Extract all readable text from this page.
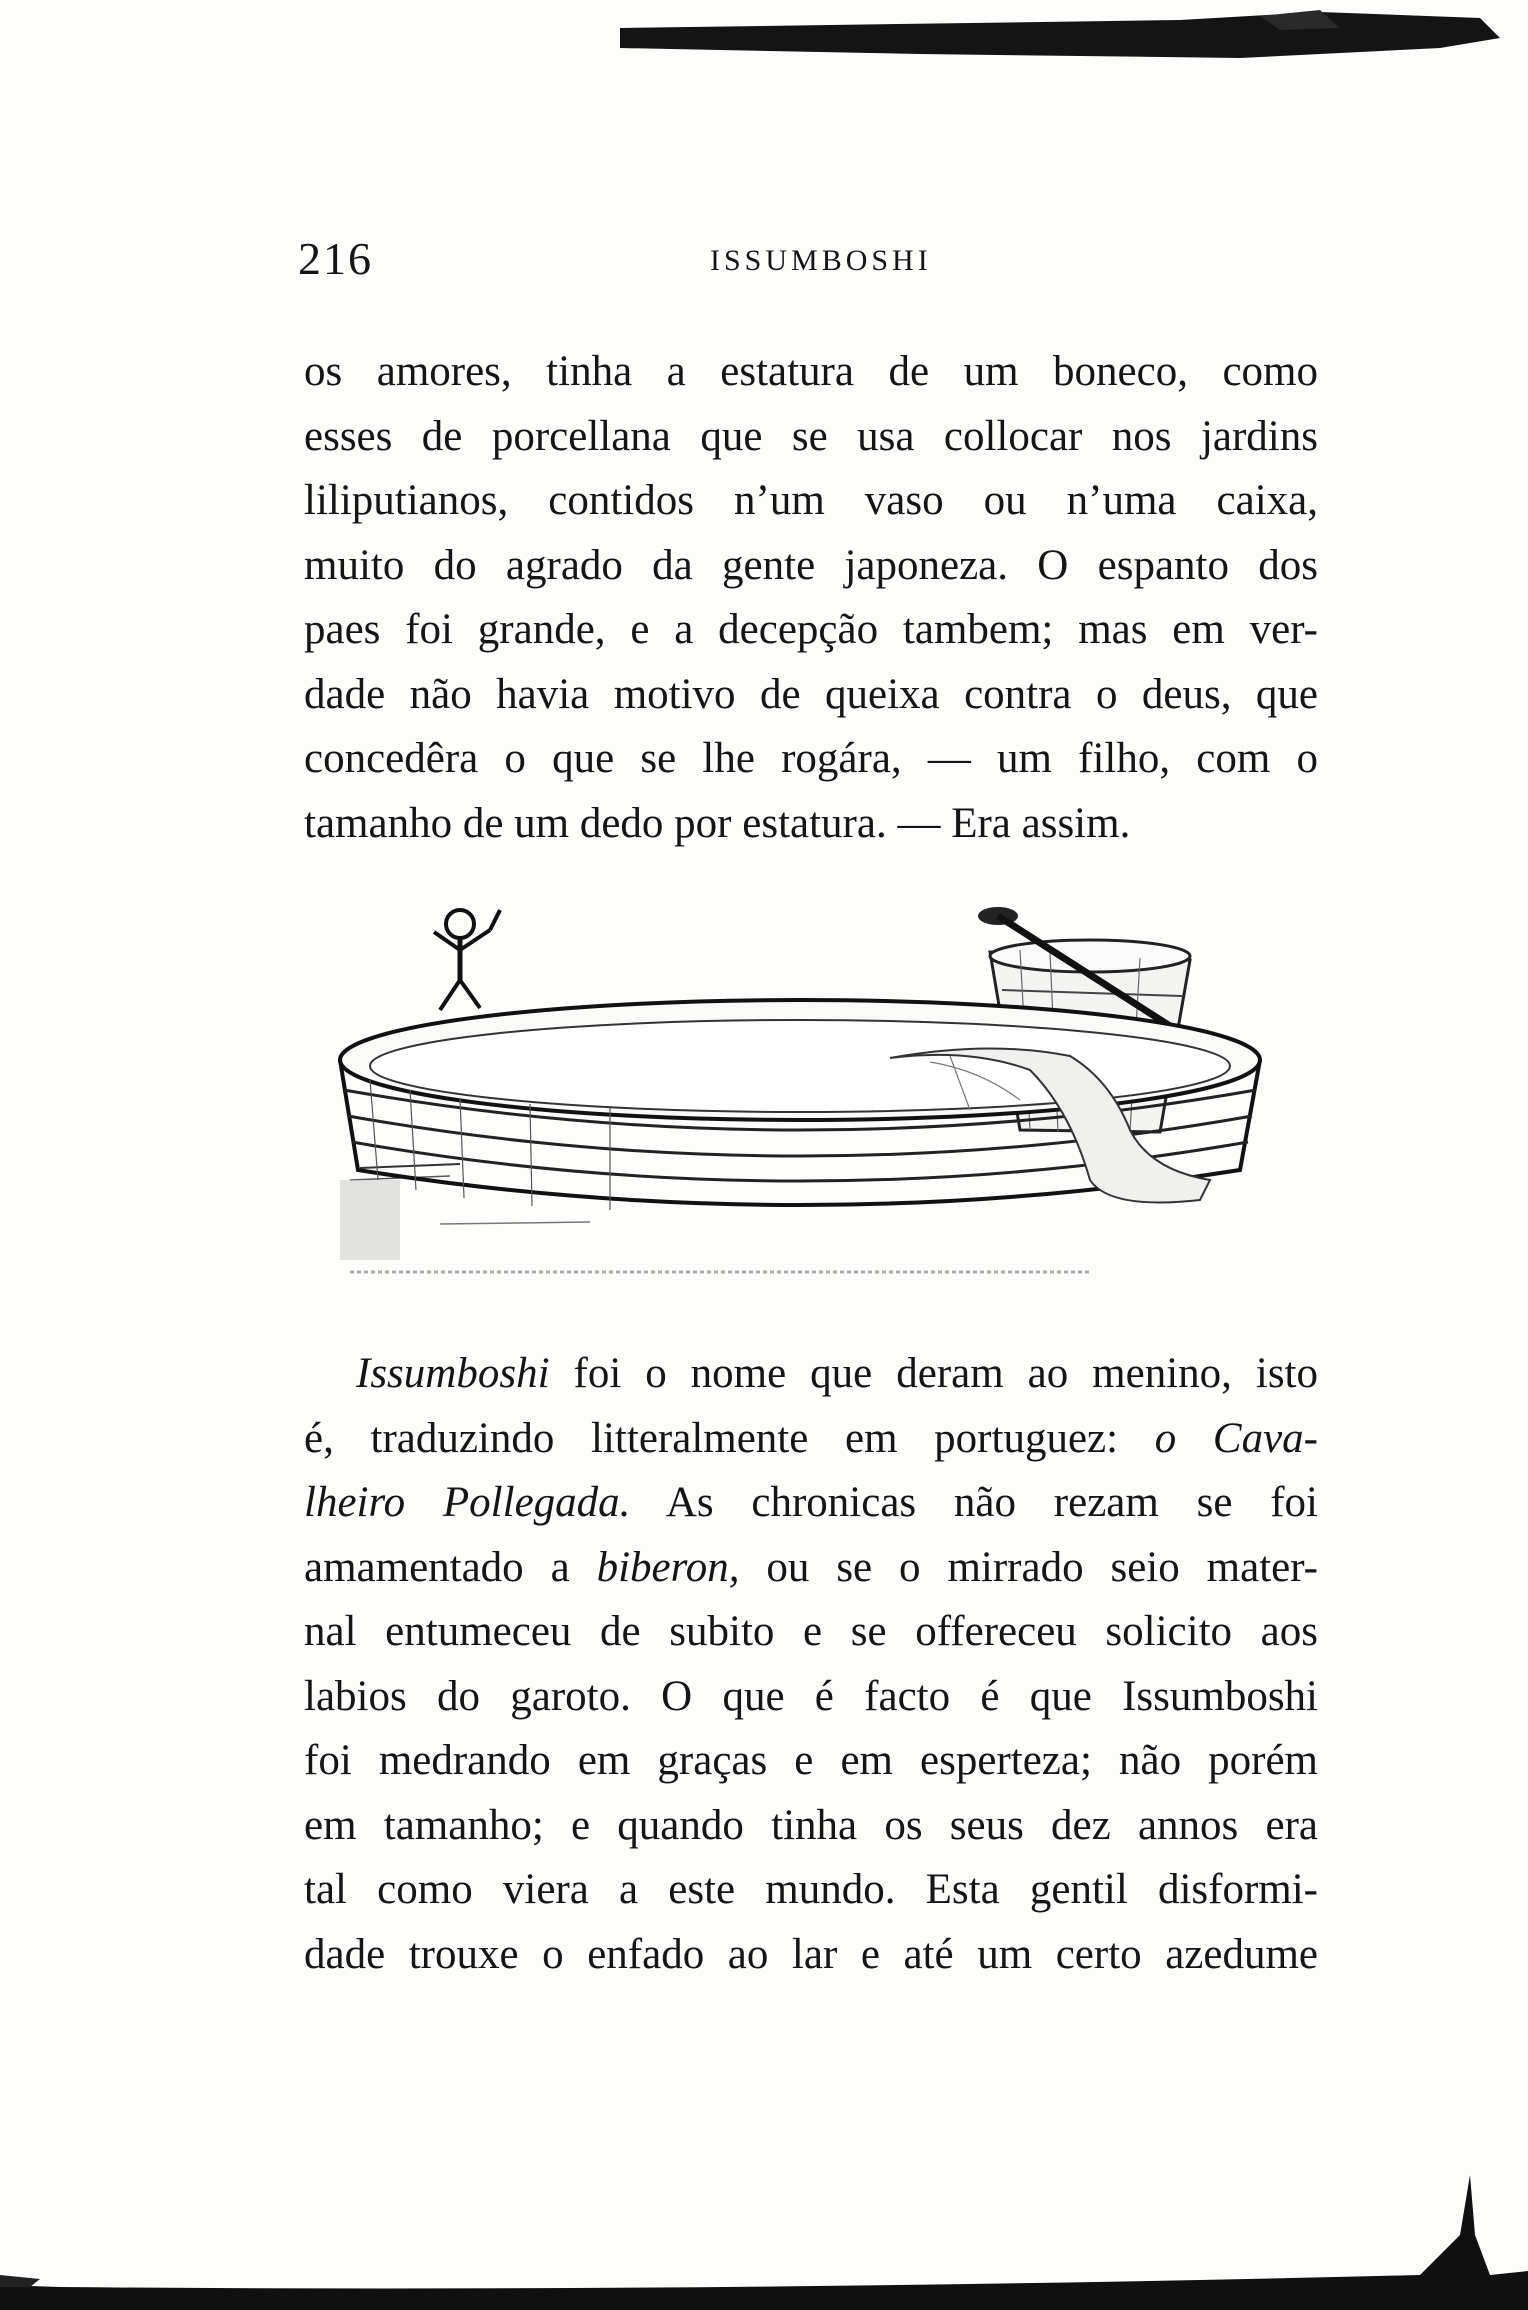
216	ISSUMBOSHI
os amores, tinha a estatura de um boneco, como
esses de porcellana que se usa collocar nos jardins
liliputianos, contidos n’um vaso ou n’uma caixa,
muito do agrado da gente japoneza. O espanto dos
paes foi grande, e a decepção tambem; mas em ver-
dade não havia motivo de queixa contra o deus, que
concedêra o que se lhe rogára, — um filho, com o
tamanho de um dedo por estatura. — Era assim.
Issumboshi foi o nome que deram ao menino, isto
é, traduzindo litteralmente em portuguez: o Cava-
lheiro Pollegada. As chronicas não rezam se foi
amamentado a biberon, ou se o mirrado seio mater-
nal entumeceu de subito e se offereceu solicito aos
labios do garoto. O que é facto é que Issumboshi
foi medrando em graças e em esperteza; não porém
em tamanho; e quando tinha os seus dez annos era
tal como viera a este mundo. Esta gentil disformi-
dade trouxe o enfado ao lar e até um certo azedume
